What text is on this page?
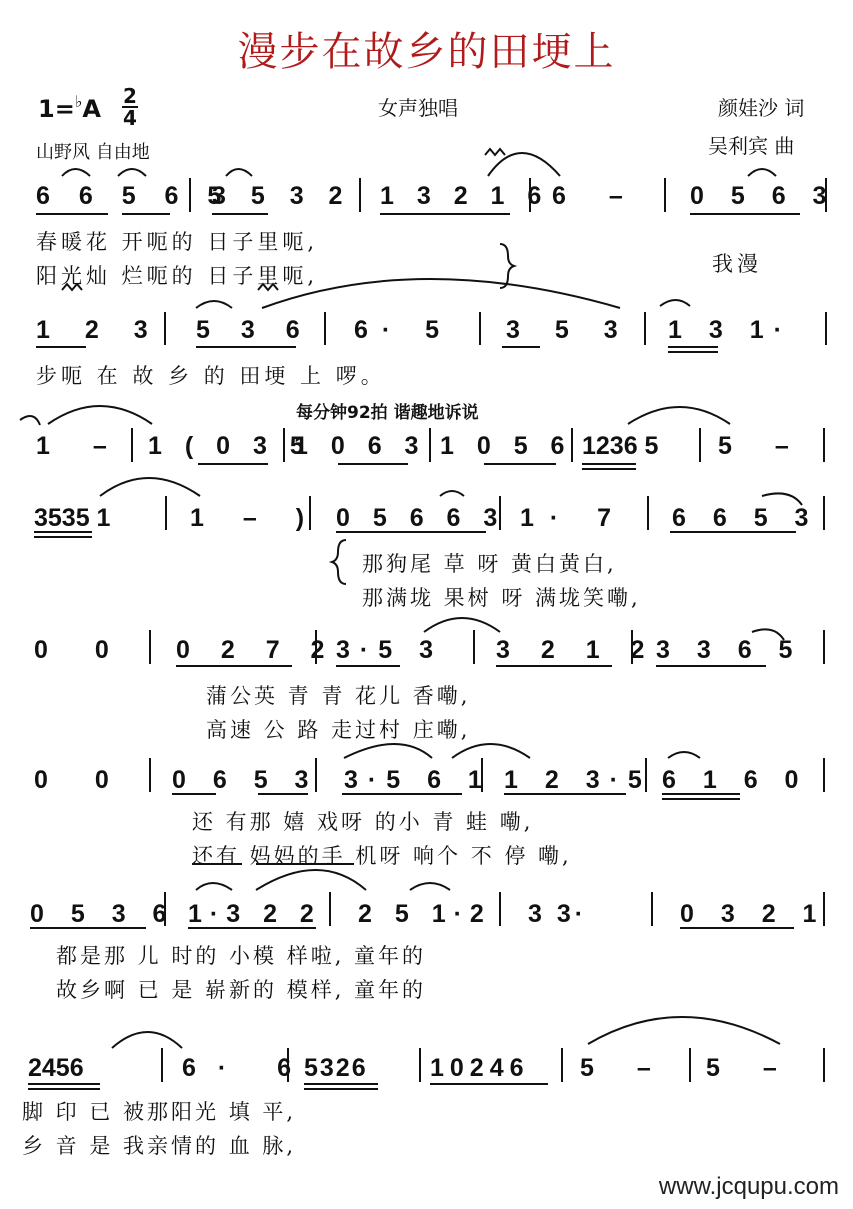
漫步在故乡的田埂上
1=♭A 2
4	女声独唱	颜娃沙 词
吴利宾 曲
山野风 自由地
6 6 5 6 5
3 5 3 2 1 3 2 1 6 6 – 0 5 6 3
春暖花 开呃的 日子里呃,
阳光灿 烂呃的 日子里呃,	我漫
1 2 3 5 3 6 6· 5 3 5 3 1 3 1·
步呃 在 故 乡 的 田埂 上 啰。
每分钟92拍 谐趣地诉说
1 – 1 ( 0 3 5
1 0 6 3 1 0 5 6 1236 5 5 –
3535 1	1 – ) 0 5 6 6 3 1· 7 6 6 5 3
那狗尾 草 呀 黄白黄白,
那满垅 果树 呀 满垅笑嘞,
0 0 0 2 7 2 3·5 3 3 2 1 2 3 3 6 5
蒲公英 青 青 花儿 香嘞,
高速 公 路 走过村 庄嘞,
0 0 0 6 5 3 3·5 6 1 1 2 3·5 6 1 6 0
还 有那 嬉 戏呀 的小 青 蛙 嘞,
还有 妈妈的手 机呀 响个 不 停 嘞,
0 5 3 6 1·3 2 2 2 5 1·2 3 3·	0 3 2 1
都是那 儿 时的 小模 样啦, 童年的
故乡啊 已 是 崭新的 模样, 童年的
2456	6· 6
5326 10246 5 – 5 –
脚 印 已 被那阳光 填 平,
乡 音 是 我亲情的 血 脉,
www.jcqupu.com
